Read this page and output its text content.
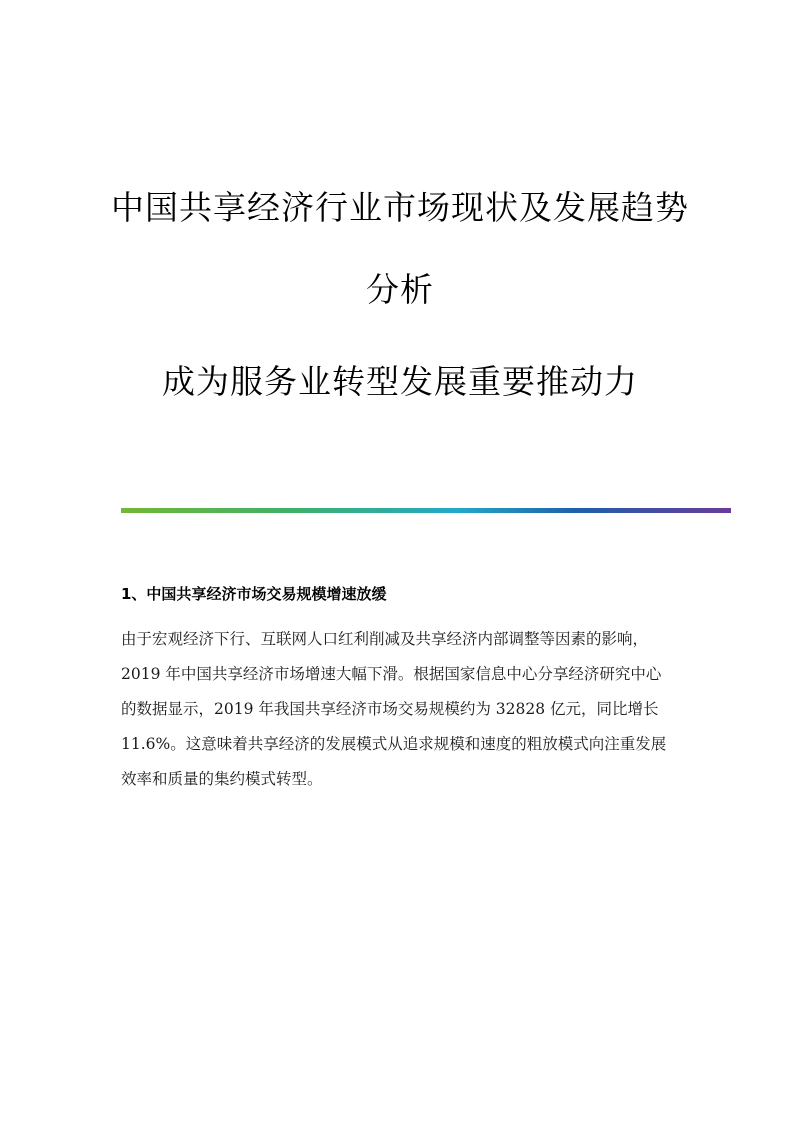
中国共享经济行业市场现状及发展趋势
分析
成为服务业转型发展重要推动力
1、中国共享经济市场交易规模增速放缓

由于宏观经济下行、互联网人口红利削减及共享经济内部调整等因素的影响，
2019 年中国共享经济市场增速大幅下滑。根据国家信息中心分享经济研究中心
的数据显示，2019 年我国共享经济市场交易规模约为 32828 亿元，同比增长
11.6%。这意味着共享经济的发展模式从追求规模和速度的粗放模式向注重发展
效率和质量的集约模式转型。
